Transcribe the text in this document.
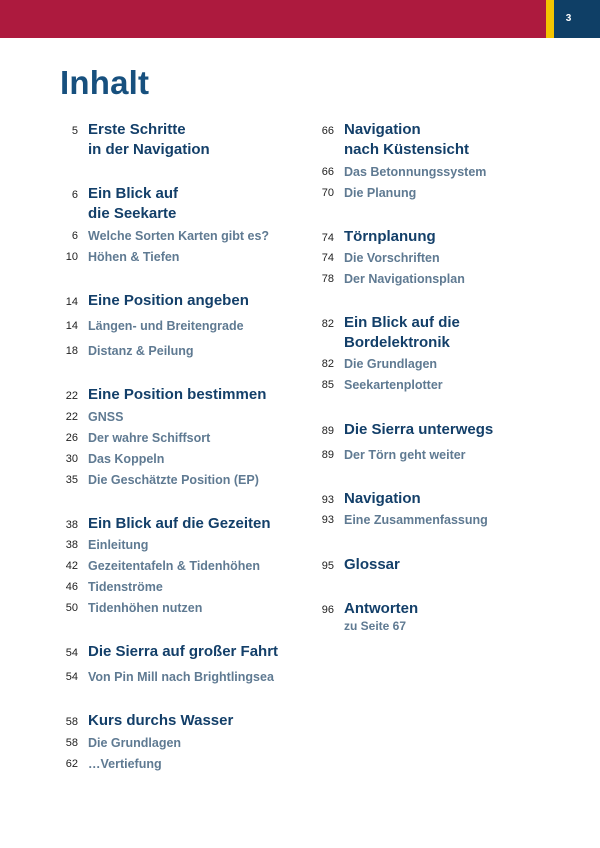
3
Inhalt
5 Erste Schritte
in der Navigation
6 Ein Blick auf
die Seekarte
6 Welche Sorten Karten gibt es?
10 Höhen & Tiefen
14 Eine Position angeben
14 Längen- und Breitengrade
18 Distanz & Peilung
22 Eine Position bestimmen
22 GNSS
26 Der wahre Schiffsort
30 Das Koppeln
35 Die Geschätzte Position (EP)
38 Ein Blick auf die Gezeiten
38 Einleitung
42 Gezeitentafeln & Tidenhöhen
46 Tidenströme
50 Tidenhöhen nutzen
54 Die Sierra auf großer Fahrt
54 Von Pin Mill nach Brightlingsea
58 Kurs durchs Wasser
58 Die Grundlagen
62 …Vertiefung
66 Navigation
nach Küstensicht
66 Das Betonnungssystem
70 Die Planung
74 Törnplanung
74 Die Vorschriften
78 Der Navigationsplan
82 Ein Blick auf die
Bordelektronik
82 Die Grundlagen
85 Seekartenplotter
89 Die Sierra unterwegs
89 Der Törn geht weiter
93 Navigation
93 Eine Zusammenfassung
95 Glossar
96 Antworten
zu Seite 67
